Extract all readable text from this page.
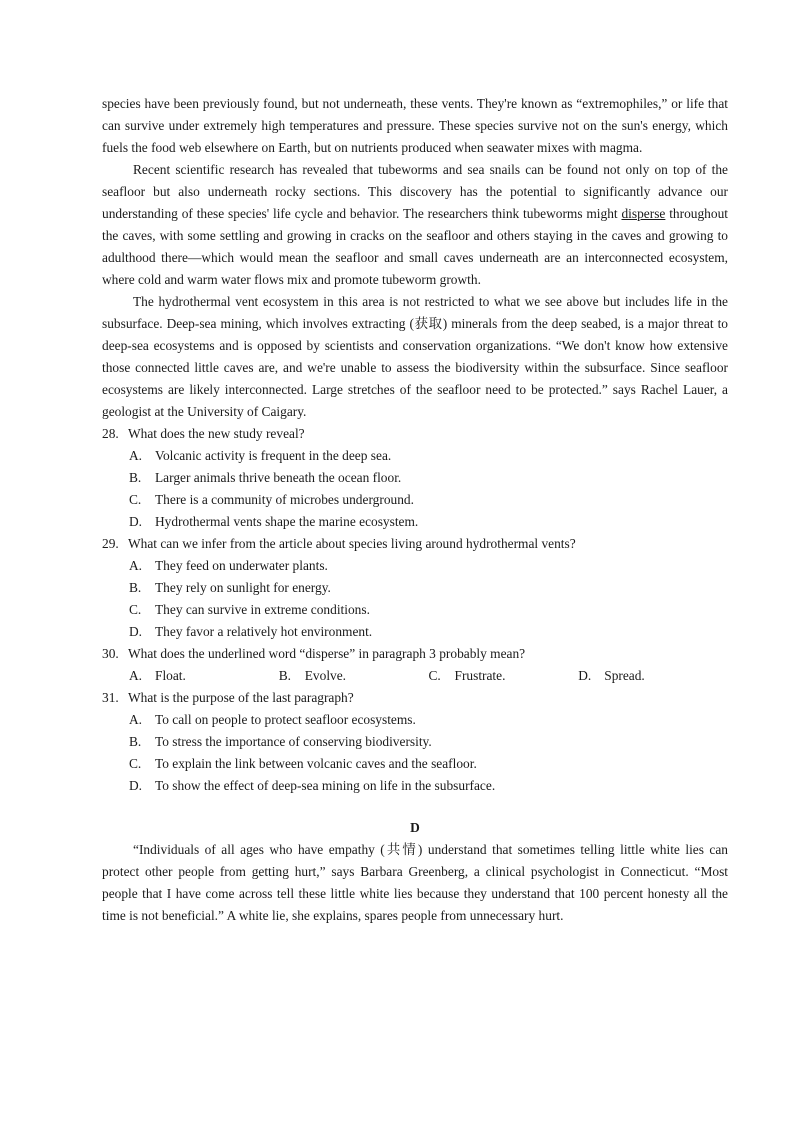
species have been previously found, but not underneath, these vents. They're known as “extremophiles,” or life that can survive under extremely high temperatures and pressure. These species survive not on the sun's energy, which fuels the food web elsewhere on Earth, but on nutrients produced when seawater mixes with magma.

Recent scientific research has revealed that tubeworms and sea snails can be found not only on top of the seafloor but also underneath rocky sections. This discovery has the potential to significantly advance our understanding of these species' life cycle and behavior. The researchers think tubeworms might disperse throughout the caves, with some settling and growing in cracks on the seafloor and others staying in the caves and growing to adulthood there—which would mean the seafloor and small caves underneath are an interconnected ecosystem, where cold and warm water flows mix and promote tubeworm growth.

The hydrothermal vent ecosystem in this area is not restricted to what we see above but includes life in the subsurface. Deep-sea mining, which involves extracting (获取) minerals from the deep seabed, is a major threat to deep-sea ecosystems and is opposed by scientists and conservation organizations. “We don't know how extensive those connected little caves are, and we're unable to assess the biodiversity within the subsurface. Since seafloor ecosystems are likely interconnected. Large stretches of the seafloor need to be protected.” says Rachel Lauer, a geologist at the University of Caigary.

28. What does the new study reveal?

A. Volcanic activity is frequent in the deep sea.

B. Larger animals thrive beneath the ocean floor.

C. There is a community of microbes underground.

D. Hydrothermal vents shape the marine ecosystem.

29. What can we infer from the article about species living around hydrothermal vents?

A. They feed on underwater plants.

B. They rely on sunlight for energy.

C. They can survive in extreme conditions.

D. They favor a relatively hot environment.

30. What does the underlined word “disperse” in paragraph 3 probably mean?

A. Float.	B. Evolve.	C. Frustrate.	D. Spread.

31. What is the purpose of the last paragraph?

A. To call on people to protect seafloor ecosystems.

B. To stress the importance of conserving biodiversity.

C. To explain the link between volcanic caves and the seafloor.

D. To show the effect of deep-sea mining on life in the subsurface.

D

“Individuals of all ages who have empathy (共情) understand that sometimes telling little white lies can protect other people from getting hurt,” says Barbara Greenberg, a clinical psychologist in Connecticut. “Most people that I have come across tell these little white lies because they understand that 100 percent honesty all the time is not beneficial.” A white lie, she explains, spares people from unnecessary hurt.
